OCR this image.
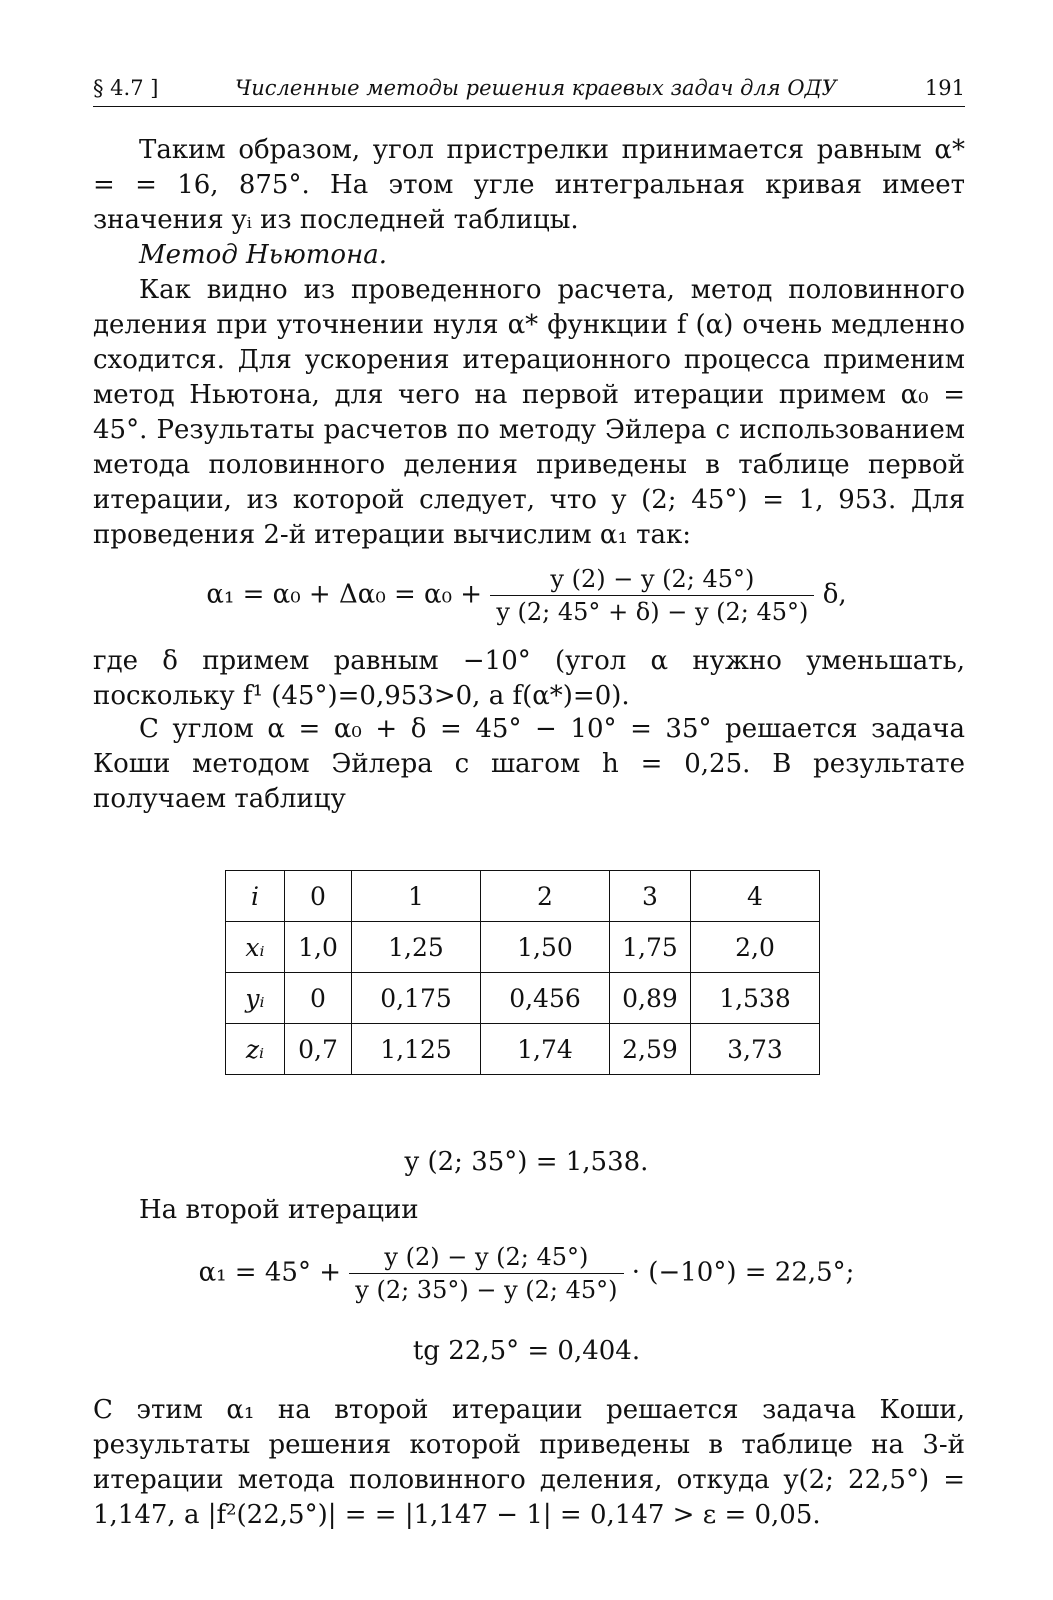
§ 4.7 ]	Численные методы решения краевых задач для ОДУ	191
Таким образом, угол пристрелки принимается равным α* = = 16, 875°. На этом угле интегральная кривая имеет значения yᵢ из последней таблицы.
Метод Ньютона.
Как видно из проведенного расчета, метод половинного деления при уточнении нуля α* функции f (α) очень медленно сходится. Для ускорения итерационного процесса применим метод Ньютона, для чего на первой итерации примем α₀ = 45°. Результаты расчетов по методу Эйлера с использованием метода половинного деления приведены в таблице первой итерации, из которой следует, что y (2; 45°) = 1, 953. Для проведения 2-й итерации вычислим α₁ так:
$\alpha_1 = \alpha_0 + \Delta\alpha_0 = \alpha_0 + \frac{y (2) - y (2; 45^\circ)}{y (2; 45^\circ + \delta) - y (2; 45^\circ)} \delta$,
где δ примем равным −10° (угол α нужно уменьшать, поскольку f¹ (45°)=0,953>0, а f(α*)=0).
С углом α = α₀ + δ = 45° − 10° = 35° решается задача Коши методом Эйлера с шагом h = 0,25. В результате получаем таблицу
i	0	1	2	3	4
xᵢ	1,0	1,25	1,50	1,75	2,0
yᵢ	0	0,175	0,456	0,89	1,538
zᵢ	0,7	1,125	1,74	2,59	3,73
y (2; 35°) = 1,538.
На второй итерации
$\alpha_1 = 45^\circ + \frac{y (2) - y (2; 45^\circ)}{y (2; 35^\circ) - y (2; 45^\circ)} \cdot (-10^\circ) = 22,5^\circ$;
tg 22,5° = 0,404.
С этим α₁ на второй итерации решается задача Коши, результаты решения которой приведены в таблице на 3-й итерации метода половинного деления, откуда y(2; 22,5°) = 1,147, а |f²(22,5°)| = = |1,147 − 1| = 0,147 > ε = 0,05.
